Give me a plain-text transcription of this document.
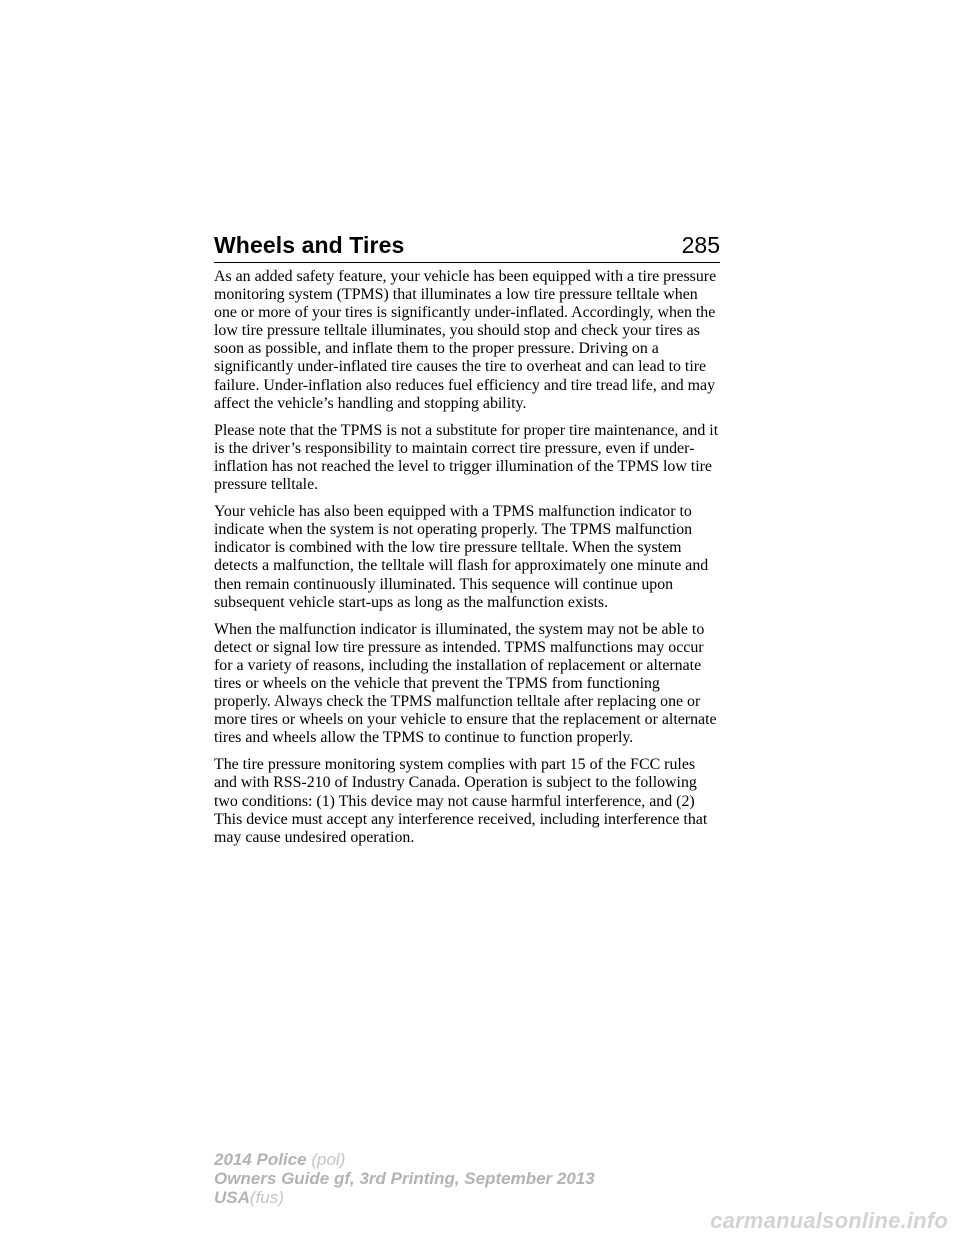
Wheels and Tires	285

As an added safety feature, your vehicle has been equipped with a tire pressure monitoring system (TPMS) that illuminates a low tire pressure telltale when one or more of your tires is significantly under-inflated. Accordingly, when the low tire pressure telltale illuminates, you should stop and check your tires as soon as possible, and inflate them to the proper pressure. Driving on a significantly under-inflated tire causes the tire to overheat and can lead to tire failure. Under-inflation also reduces fuel efficiency and tire tread life, and may affect the vehicle’s handling and stopping ability.

Please note that the TPMS is not a substitute for proper tire maintenance, and it is the driver’s responsibility to maintain correct tire pressure, even if under-inflation has not reached the level to trigger illumination of the TPMS low tire pressure telltale.

Your vehicle has also been equipped with a TPMS malfunction indicator to indicate when the system is not operating properly. The TPMS malfunction indicator is combined with the low tire pressure telltale. When the system detects a malfunction, the telltale will flash for approximately one minute and then remain continuously illuminated. This sequence will continue upon subsequent vehicle start-ups as long as the malfunction exists.

When the malfunction indicator is illuminated, the system may not be able to detect or signal low tire pressure as intended. TPMS malfunctions may occur for a variety of reasons, including the installation of replacement or alternate tires or wheels on the vehicle that prevent the TPMS from functioning properly. Always check the TPMS malfunction telltale after replacing one or more tires or wheels on your vehicle to ensure that the replacement or alternate tires and wheels allow the TPMS to continue to function properly.

The tire pressure monitoring system complies with part 15 of the FCC rules and with RSS-210 of Industry Canada. Operation is subject to the following two conditions: (1) This device may not cause harmful interference, and (2) This device must accept any interference received, including interference that may cause undesired operation.

2014 Police (pol)
Owners Guide gf, 3rd Printing, September 2013
USA(fus)
carmanualsonline.info
